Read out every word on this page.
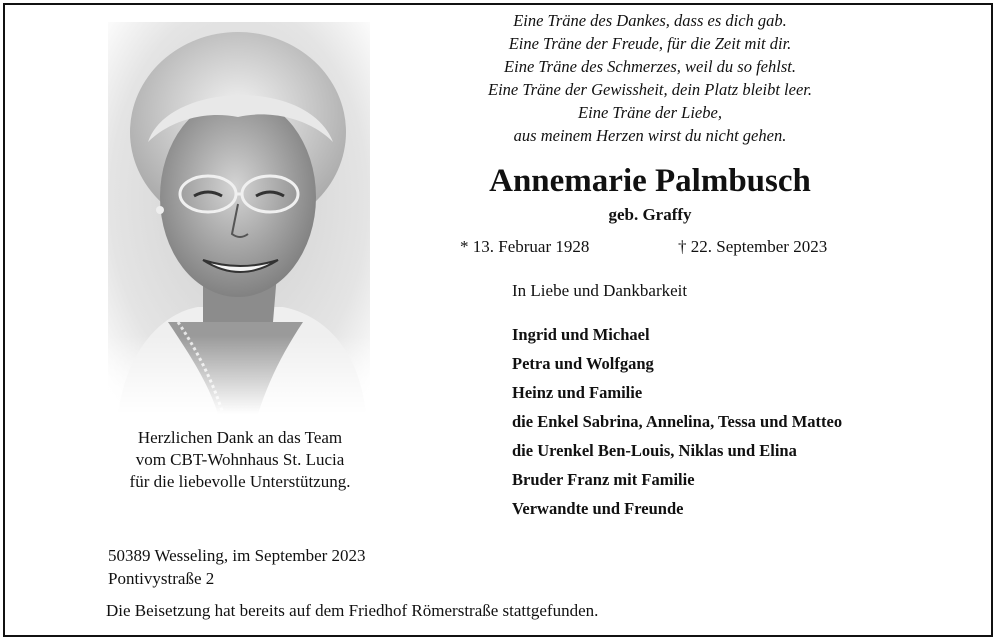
Herzlichen Dank an das Team
vom CBT-Wohnhaus St. Lucia
für die liebevolle Unterstützung.
Eine Träne des Dankes, dass es dich gab.
Eine Träne der Freude, für die Zeit mit dir.
Eine Träne des Schmerzes, weil du so fehlst.
Eine Träne der Gewissheit, dein Platz bleibt leer.
Eine Träne der Liebe,
aus meinem Herzen wirst du nicht gehen.
Annemarie Palmbusch
geb. Graffy
* 13. Februar 1928	† 22. September 2023
In Liebe und Dankbarkeit
Ingrid und Michael
Petra und Wolfgang
Heinz und Familie
die Enkel Sabrina, Annelina, Tessa und Matteo
die Urenkel Ben-Louis, Niklas und Elina
Bruder Franz mit Familie
Verwandte und Freunde
50389 Wesseling, im September 2023
Pontivystraße 2
Die Beisetzung hat bereits auf dem Friedhof Römerstraße stattgefunden.
